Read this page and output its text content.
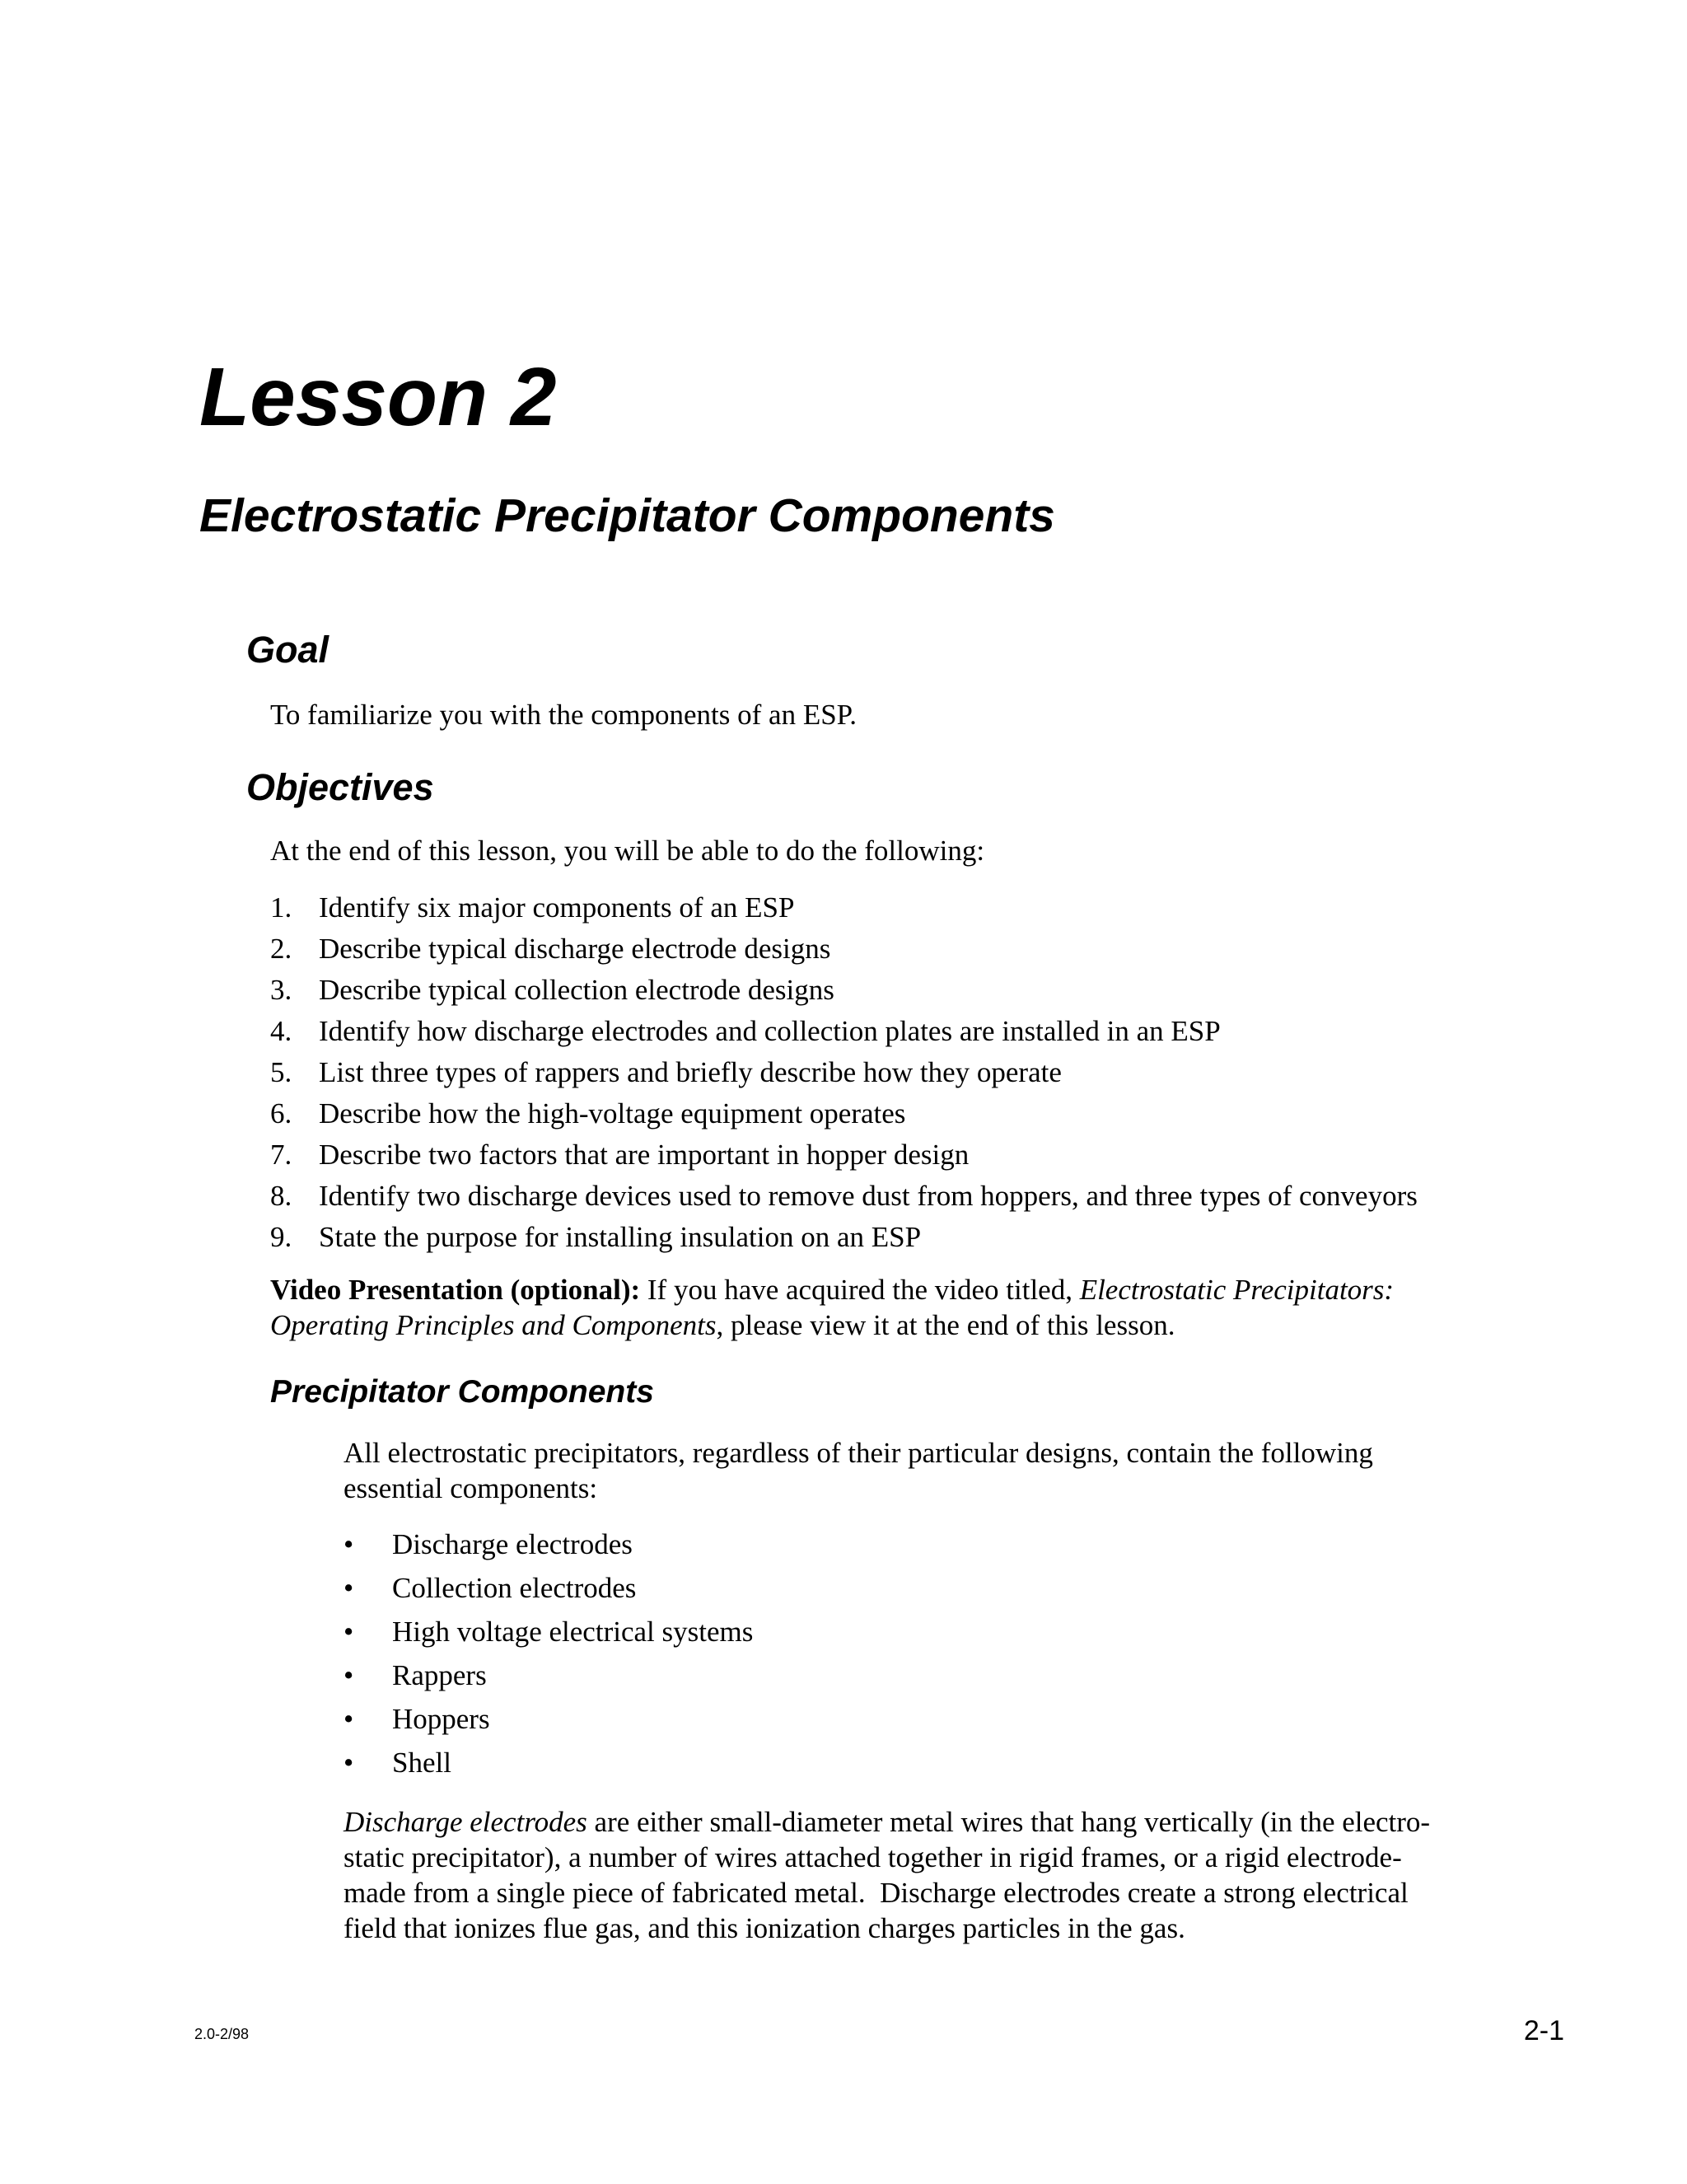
Lesson 2
Electrostatic Precipitator Components
Goal

To familiarize you with the components of an ESP.

Objectives

At the end of this lesson, you will be able to do the following:

1. Identify six major components of an ESP
2. Describe typical discharge electrode designs
3. Describe typical collection electrode designs
4. Identify how discharge electrodes and collection plates are installed in an ESP
5. List three types of rappers and briefly describe how they operate
6. Describe how the high-voltage equipment operates
7. Describe two factors that are important in hopper design
8. Identify two discharge devices used to remove dust from hoppers, and three types of conveyors
9. State the purpose for installing insulation on an ESP
Video Presentation (optional): If you have acquired the video titled, Electrostatic Precipitators:
Operating Principles and Components, please view it at the end of this lesson.
Precipitator Components
All electrostatic precipitators, regardless of their particular designs, contain the following
essential components:
• Discharge electrodes
• Collection electrodes
• High voltage electrical systems
• Rappers
• Hoppers
• Shell
Discharge electrodes are either small-diameter metal wires that hang vertically (in the electro-
static precipitator), a number of wires attached together in rigid frames, or a rigid electrode-
made from a single piece of fabricated metal.  Discharge electrodes create a strong electrical
field that ionizes flue gas, and this ionization charges particles in the gas.
2.0-2/98	2-1
